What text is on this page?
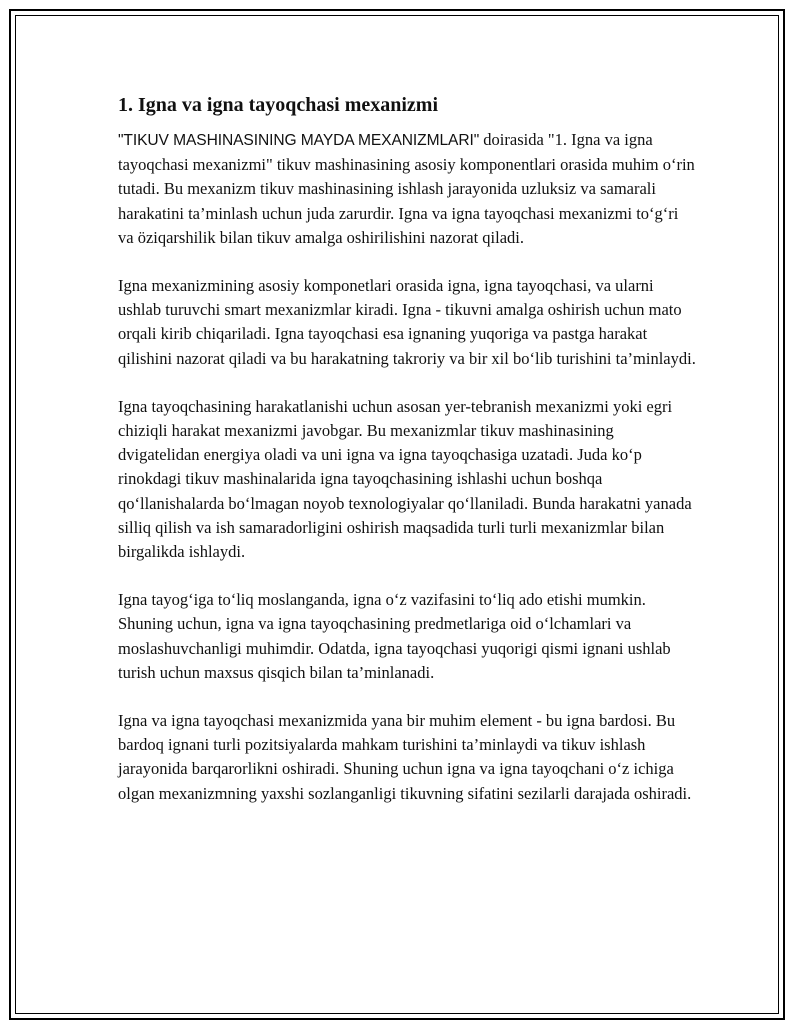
1. Igna va igna tayoqchasi mexanizmi

"TIKUV MASHINASINING MAYDA MEXANIZMLARI" doirasida "1. Igna va igna tayoqchasi mexanizmi" tikuv mashinasining asosiy komponentlari orasida muhim o‘rin tutadi. Bu mexanizm tikuv mashinasining ishlash jarayonida uzluksiz va samarali harakatini ta’minlash uchun juda zarurdir. Igna va igna tayoqchasi mexanizmi to‘g‘ri va öziqarshilik bilan tikuv amalga oshirilishini nazorat qiladi.

Igna mexanizmining asosiy komponetlari orasida igna, igna tayoqchasi, va ularni ushlab turuvchi smart mexanizmlar kiradi. Igna - tikuvni amalga oshirish uchun mato orqali kirib chiqariladi. Igna tayoqchasi esa ignaning yuqoriga va pastga harakat qilishini nazorat qiladi va bu harakatning takroriy va bir xil bo‘lib turishini ta’minlaydi.

Igna tayoqchasining harakatlanishi uchun asosan yer-tebranish mexanizmi yoki egri chiziqli harakat mexanizmi javobgar. Bu mexanizmlar tikuv mashinasining dvigatelidan energiya oladi va uni igna va igna tayoqchasiga uzatadi. Juda ko‘p rinokdagi tikuv mashinalarida igna tayoqchasining ishlashi uchun boshqa qo‘llanishalarda bo‘lmagan noyob texnologiyalar qo‘llaniladi. Bunda harakatni yanada silliq qilish va ish samaradorligini oshirish maqsadida turli turli mexanizmlar bilan birgalikda ishlaydi.

Igna tayog‘iga to‘liq moslanganda, igna o‘z vazifasini to‘liq ado etishi mumkin. Shuning uchun, igna va igna tayoqchasining predmetlariga oid o‘lchamlari va moslashuvchanligi muhimdir. Odatda, igna tayoqchasi yuqorigi qismi ignani ushlab turish uchun maxsus qisqich bilan ta’minlanadi.

Igna va igna tayoqchasi mexanizmida yana bir muhim element - bu igna bardosi. Bu bardoq ignani turli pozitsiyalarda mahkam turishini ta’minlaydi va tikuv ishlash jarayonida barqarorlikni oshiradi. Shuning uchun igna va igna tayoqchani o‘z ichiga olgan mexanizmning yaxshi sozlanganligi tikuvning sifatini sezilarli darajada oshiradi.
